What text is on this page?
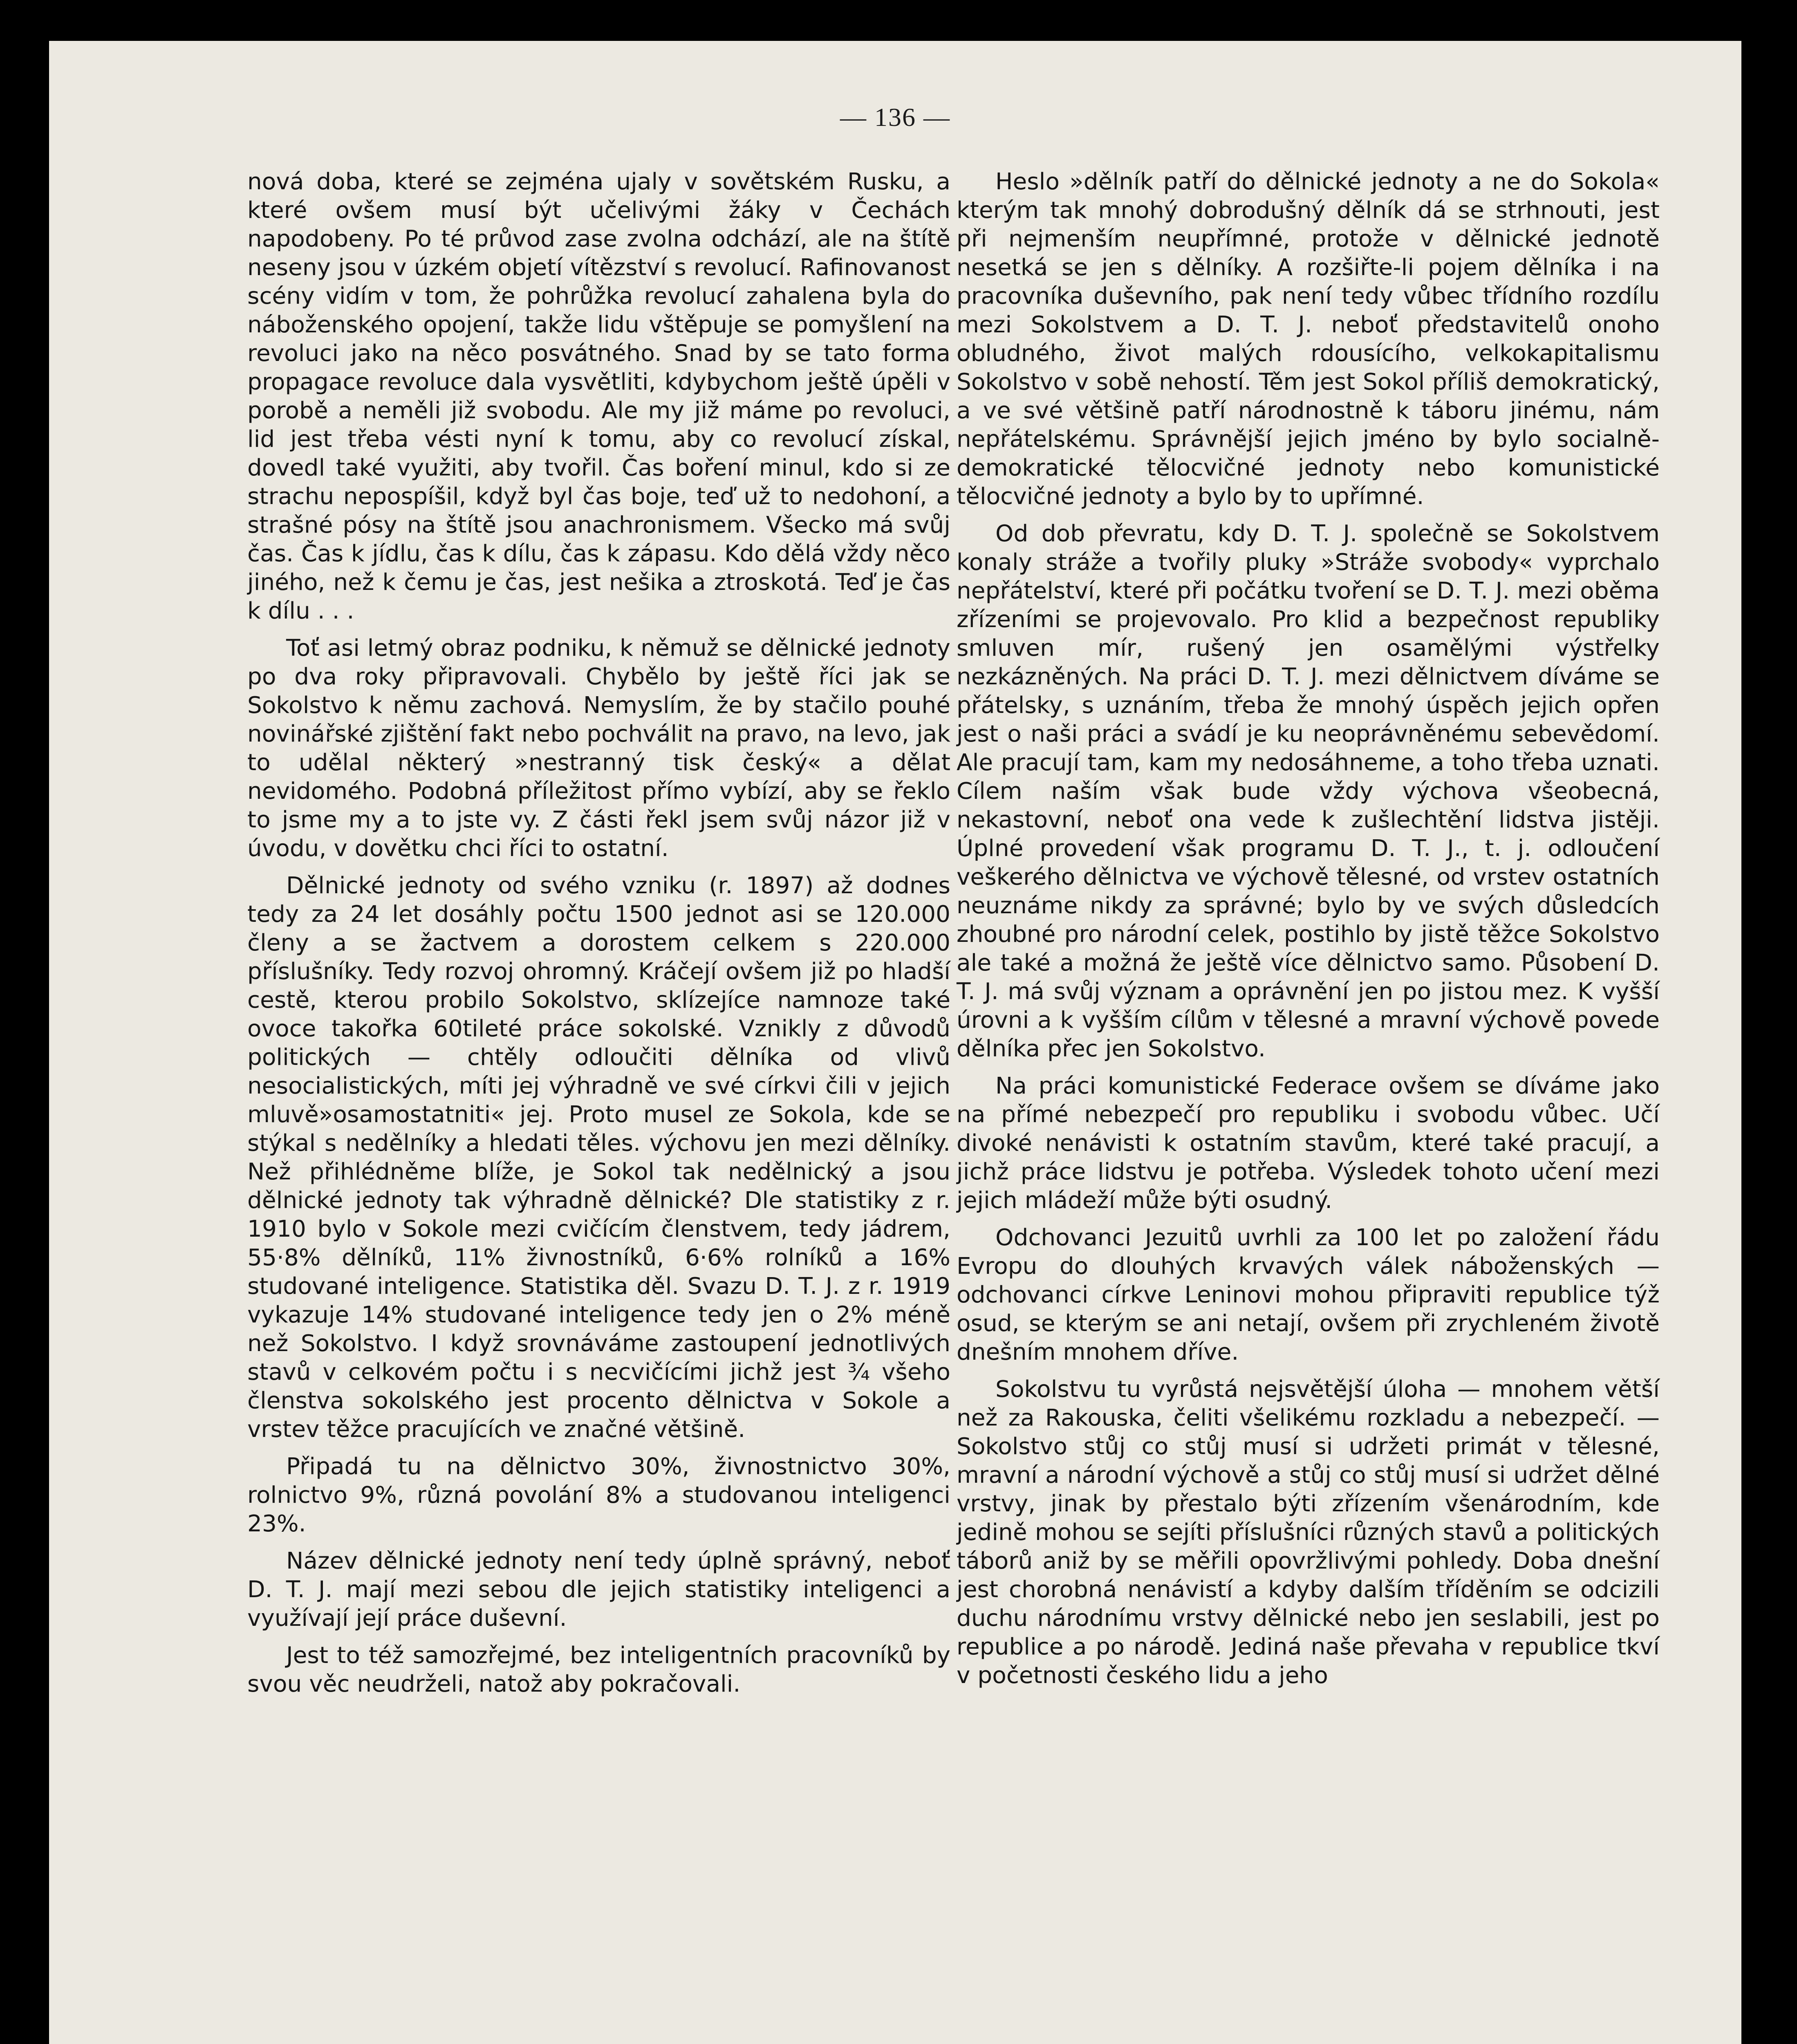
— 136 —

nová doba, které se zejména ujaly v sovětském Rusku, a které ovšem musí být učelivými žáky v Čechách napodobeny. Po té průvod zase zvolna odchází, ale na štítě neseny jsou v úzkém objetí vítězství s revolucí. Rafinovanost scény vidím v tom, že pohrůžka revolucí zahalena byla do náboženského opojení, takže lidu vštěpuje se pomyšlení na revoluci jako na něco posvátného. Snad by se tato forma propagace revoluce dala vysvětliti, kdybychom ještě úpěli v porobě a neměli již svobodu. Ale my již máme po revoluci, lid jest třeba vésti nyní k tomu, aby co revolucí získal, dovedl také využiti, aby tvořil. Čas boření minul, kdo si ze strachu nepospíšil, když byl čas boje, teď už to nedohoní, a strašné pósy na štítě jsou anachronismem. Všecko má svůj čas. Čas k jídlu, čas k dílu, čas k zápasu. Kdo dělá vždy něco jiného, než k čemu je čas, jest nešika a ztroskotá. Teď je čas k dílu . . .

Toť asi letmý obraz podniku, k němuž se dělnické jednoty po dva roky připravovali. Chybělo by ještě říci jak se Sokolstvo k němu zachová. Nemyslím, že by stačilo pouhé novinářské zjištění fakt nebo pochválit na pravo, na levo, jak to udělal některý »nestranný tisk český« a dělat nevidomého. Podobná příležitost přímo vybízí, aby se řeklo to jsme my a to jste vy. Z části řekl jsem svůj názor již v úvodu, v dovětku chci říci to ostatní.

Dělnické jednoty od svého vzniku (r. 1897) až dodnes tedy za 24 let dosáhly počtu 1500 jednot asi se 120.000 členy a se žactvem a dorostem celkem s 220.000 příslušníky. Tedy rozvoj ohromný. Kráčejí ovšem již po hladší cestě, kterou probilo Sokolstvo, sklízejíce namnoze také ovoce takořka 60tileté práce sokolské. Vznikly z důvodů politických — chtěly odloučiti dělníka od vlivů nesocialistických, míti jej výhradně ve své církvi čili v jejich mluvě»osamostatniti« jej. Proto musel ze Sokola, kde se stýkal s nedělníky a hledati těles. výchovu jen mezi dělníky. Než přihlédněme blíže, je Sokol tak nedělnický a jsou dělnické jednoty tak výhradně dělnické? Dle statistiky z r. 1910 bylo v Sokole mezi cvičícím členstvem, tedy jádrem, 55·8% dělníků, 11% živnostníků, 6·6% rolníků a 16% studované inteligence. Statistika děl. Svazu D. T. J. z r. 1919 vykazuje 14% studované inteligence tedy jen o 2% méně než Sokolstvo. I když srovnáváme zastoupení jednotlivých stavů v celkovém počtu i s necvičícími jichž jest ¾ všeho členstva sokolského jest procento dělnictva v Sokole a vrstev těžce pracujících ve značné většině.

Připadá tu na dělnictvo 30%, živnostnictvo 30%, rolnictvo 9%, různá povolání 8% a studovanou inteligenci 23%.

Název dělnické jednoty není tedy úplně správný, neboť D. T. J. mají mezi sebou dle jejich statistiky inteligenci a využívají její práce duševní.

Jest to též samozřejmé, bez inteligentních pracovníků by svou věc neudrželi, natož aby pokračovali.

Heslo »dělník patří do dělnické jednoty a ne do Sokola« kterým tak mnohý dobrodušný dělník dá se strhnouti, jest při nejmenším neupřímné, protože v dělnické jednotě nesetká se jen s dělníky. A rozšiřte-li pojem dělníka i na pracovníka duševního, pak není tedy vůbec třídního rozdílu mezi Sokolstvem a D. T. J. neboť představitelů onoho obludného, život malých rdousícího, velkokapitalismu Sokolstvo v sobě nehostí. Těm jest Sokol příliš demokratický, a ve své většině patří národnostně k táboru jinému, nám nepřátelskému. Správnější jejich jméno by bylo socialně-demokratické tělocvičné jednoty nebo komunistické tělocvičné jednoty a bylo by to upřímné.

Od dob převratu, kdy D. T. J. společně se Sokolstvem konaly stráže a tvořily pluky »Stráže svobody« vyprchalo nepřátelství, které při počátku tvoření se D. T. J. mezi oběma zřízeními se projevovalo. Pro klid a bezpečnost republiky smluven mír, rušený jen osamělými výstřelky nezkázněných. Na práci D. T. J. mezi dělnictvem díváme se přátelsky, s uznáním, třeba že mnohý úspěch jejich opřen jest o naši práci a svádí je ku neoprávněnému sebevědomí. Ale pracují tam, kam my nedosáhneme, a toho třeba uznati. Cílem naším však bude vždy výchova všeobecná, nekastovní, neboť ona vede k zušlechtění lidstva jistěji. Úplné provedení však programu D. T. J., t. j. odloučení veškerého dělnictva ve výchově tělesné, od vrstev ostatních neuznáme nikdy za správné; bylo by ve svých důsledcích zhoubné pro národní celek, postihlo by jistě těžce Sokolstvo ale také a možná že ještě více dělnictvo samo. Působení D. T. J. má svůj význam a oprávnění jen po jistou mez. K vyšší úrovni a k vyšším cílům v tělesné a mravní výchově povede dělníka přec jen Sokolstvo.

Na práci komunistické Federace ovšem se díváme jako na přímé nebezpečí pro republiku i svobodu vůbec. Učí divoké nenávisti k ostatním stavům, které také pracují, a jichž práce lidstvu je potřeba. Výsledek tohoto učení mezi jejich mládeží může býti osudný.

Odchovanci Jezuitů uvrhli za 100 let po založení řádu Evropu do dlouhých krvavých válek náboženských — odchovanci církve Leninovi mohou připraviti republice týž osud, se kterým se ani netají, ovšem při zrychleném životě dnešním mnohem dříve.

Sokolstvu tu vyrůstá nejsvětější úloha — mnohem větší než za Rakouska, čeliti všelikému rozkladu a nebezpečí. — Sokolstvo stůj co stůj musí si udržeti primát v tělesné, mravní a národní výchově a stůj co stůj musí si udržet dělné vrstvy, jinak by přestalo býti zřízením všenárodním, kde jedině mohou se sejíti příslušníci různých stavů a politických táborů aniž by se měřili opovržlivými pohledy. Doba dnešní jest chorobná nenávistí a kdyby dalším tříděním se odcizili duchu národnímu vrstvy dělnické nebo jen seslabili, jest po republice a po národě. Jediná naše převaha v republice tkví v početnosti českého lidu a jeho
